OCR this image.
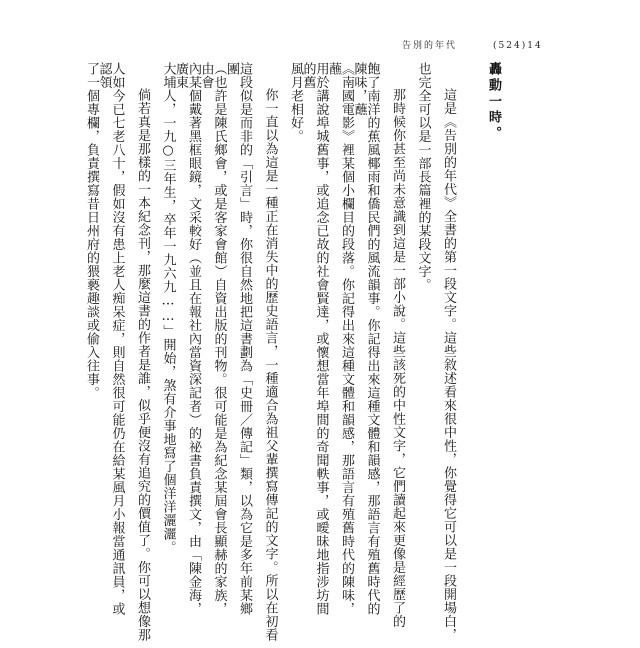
告別的年代	(524)14
轟動一時。
這是《告別的年代》全書的第一段文字。這些敘述看來很中性，你覺得它可以是一段開場白，
也完全可以是一部長篇裡的某段文字。
那時候你甚至尚未意識到這是一部小說。這些該死的中性文字，它們讀起來更像是經歷了的
飽了南洋的蕉風椰雨和僑民們的風流韻事。你記得出來這種文體和韻感，那語言有殖舊時代的陳味，蘸
《南國電影》裡某個小欄目的段落。你記得出來這種文體和韻感，那語言有殖舊時代的陳味，蘸
用於講說埠城舊事，或追念已故的社會賢達，或懷想當年埠間的奇聞軼事，或曖昧地指涉坊間的舊
風月老相好。
你一直以為這是一種正在消失中的歷史語言，一種適合為祖父輩撰寫傳記的文字。所以在初看
這段似是而非的「引言」時，你很自然地把這書劃為「史冊／傳記」類，以為它是多年前某鄉團
（也許是陳氏鄉會，或是客家會館）自資出版的刊物。很可能是為紀念某屆會長顯赫的家族，由會
內某個戴著黑框眼鏡，文采較好（並且在報社內當資深記者）的祕書負責撰文，由「陳金海，廣東
大埔人，一九○三年生，卒年一九六九……」開始，煞有介事地寫了個洋洋灑灑。
倘若真是那樣的一本紀念刊，那麼這書的作者是誰，似乎便沒有追究的價值了。你可以想像那
人如今已七老八十，假如沒有患上老人痴呆症，則自然很可能仍在給某風月小報當通訊員，或認領
了一個專欄，負責撰寫昔日州府的猥褻趣談或偷入往事。
